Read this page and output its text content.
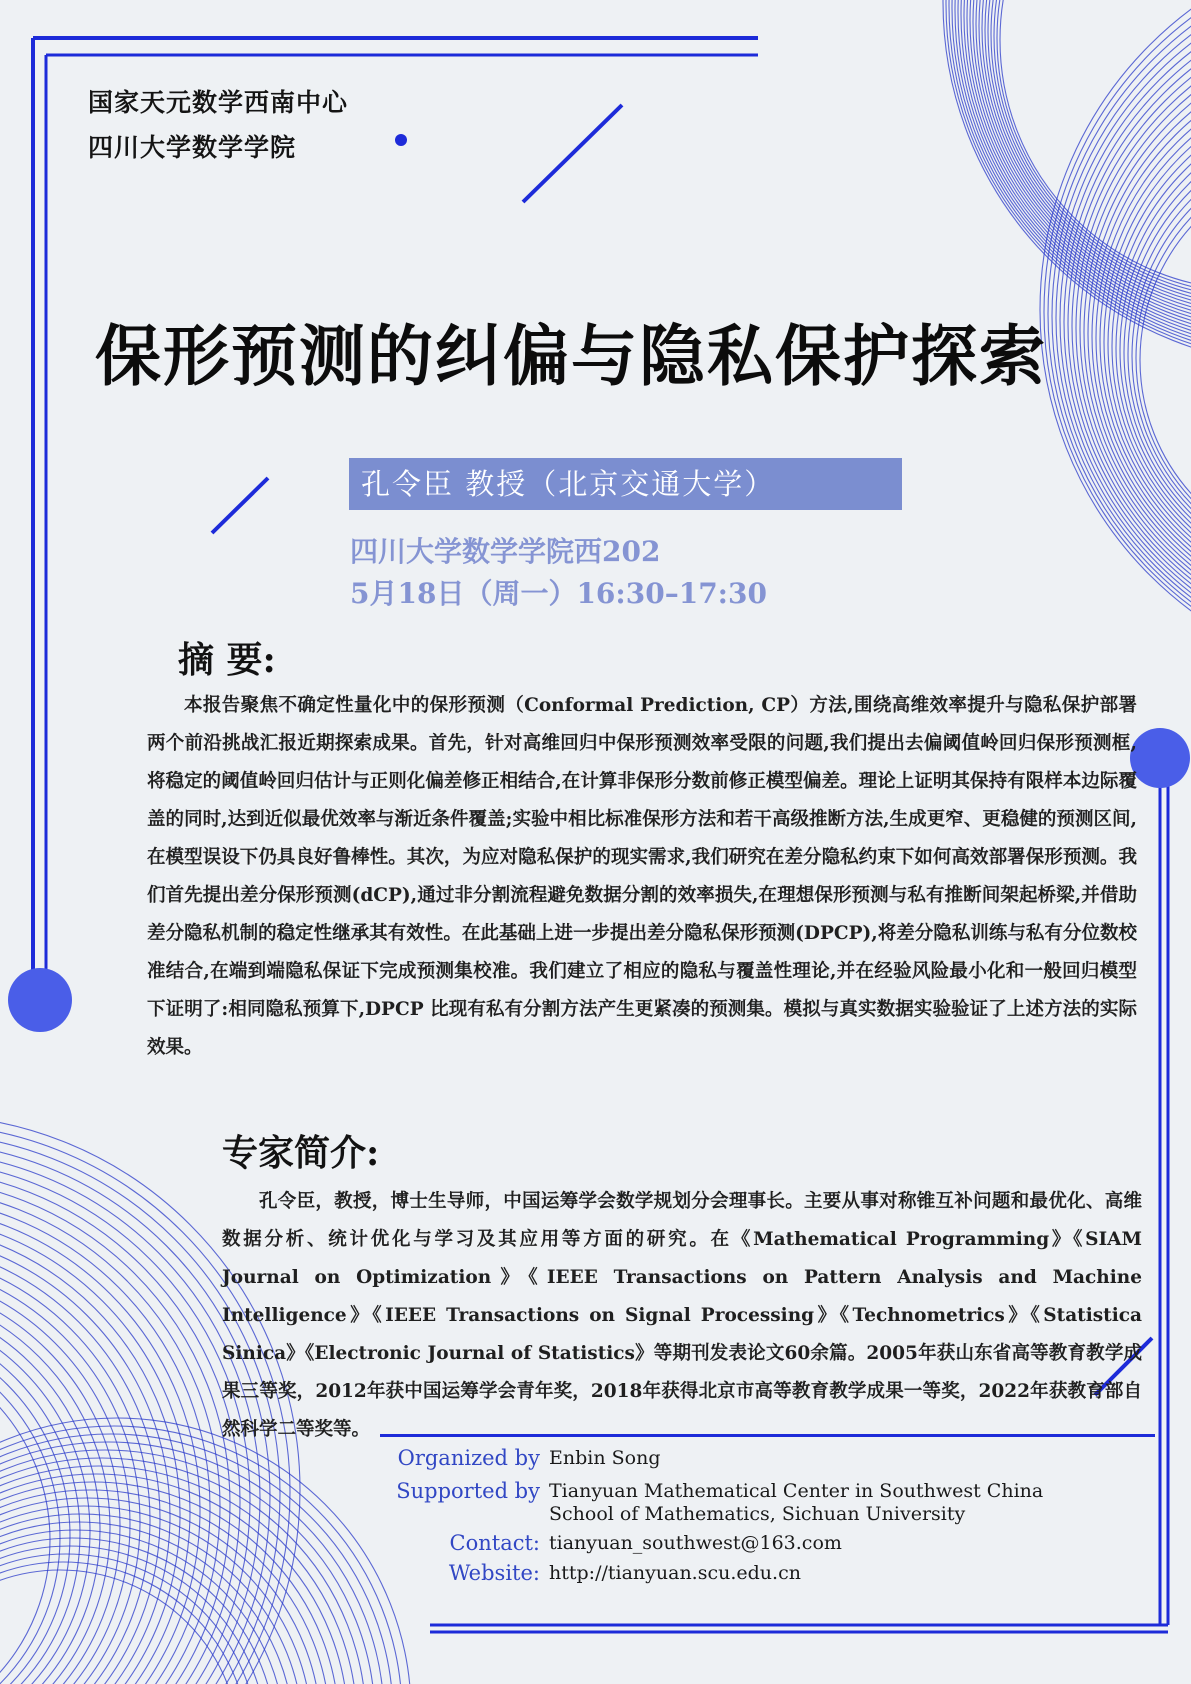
国家天元数学西南中心
四川大学数学学院
保形预测的纠偏与隐私保护探索
孔令臣 教授（北京交通大学）
四川大学数学学院西202
5月18日（周一）16:30–17:30
摘 要:
本报告聚焦不确定性量化中的保形预测（Conformal Prediction, CP）方法,围绕高维效率提升与隐私保护部署两个前沿挑战汇报近期探索成果。首先，针对高维回归中保形预测效率受限的问题,我们提出去偏阈值岭回归保形预测框,将稳定的阈值岭回归估计与正则化偏差修正相结合,在计算非保形分数前修正模型偏差。理论上证明其保持有限样本边际覆盖的同时,达到近似最优效率与渐近条件覆盖;实验中相比标准保形方法和若干高级推断方法,生成更窄、更稳健的预测区间,在模型误设下仍具良好鲁棒性。其次，为应对隐私保护的现实需求,我们研究在差分隐私约束下如何高效部署保形预测。我们首先提出差分保形预测(dCP),通过非分割流程避免数据分割的效率损失,在理想保形预测与私有推断间架起桥梁,并借助差分隐私机制的稳定性继承其有效性。在此基础上进一步提出差分隐私保形预测(DPCP),将差分隐私训练与私有分位数校准结合,在端到端隐私保证下完成预测集校准。我们建立了相应的隐私与覆盖性理论,并在经验风险最小化和一般回归模型下证明了:相同隐私预算下,DPCP 比现有私有分割方法产生更紧凑的预测集。模拟与真实数据实验验证了上述方法的实际效果。
专家简介:
孔令臣，教授，博士生导师，中国运筹学会数学规划分会理事长。主要从事对称锥互补问题和最优化、高维数据分析、统计优化与学习及其应用等方面的研究。在《Mathematical Programming》《SIAM Journal on Optimization》《IEEE Transactions on Pattern Analysis and Machine Intelligence》《IEEE Transactions on Signal Processing》《Technometrics》《Statistica Sinica》《Electronic Journal of Statistics》等期刊发表论文60余篇。2005年获山东省高等教育教学成果三等奖，2012年获中国运筹学会青年奖，2018年获得北京市高等教育教学成果一等奖，2022年获教育部自然科学二等奖等。
Organized by Enbin Song
Supported by Tianyuan Mathematical Center in Southwest China
School of Mathematics, Sichuan University
Contact: tianyuan_southwest@163.com
Website: http://tianyuan.scu.edu.cn
